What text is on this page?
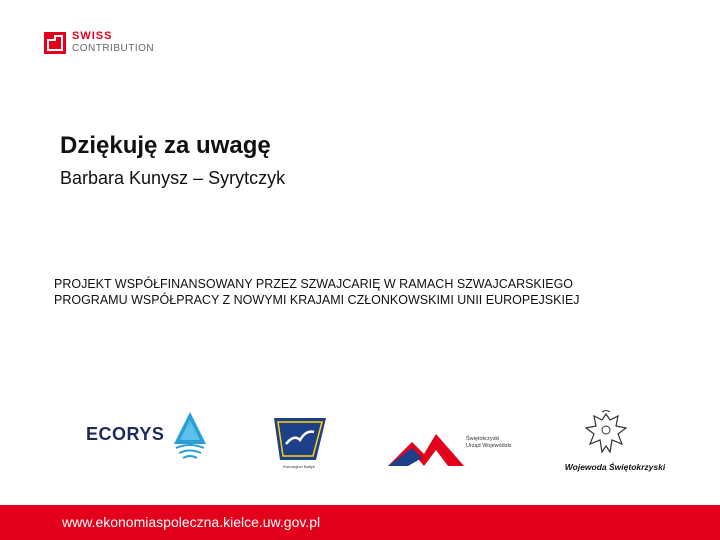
SWISS
CONTRIBUTION
Dziękuję za uwagę
Barbara Kunysz – Syrytczyk
PROJEKT WSPÓŁFINANSOWANY PRZEZ SZWAJCARIĘ W RAMACH SZWAJCARSKIEGO
PROGRAMU WSPÓŁPRACY Z NOWYMI KRAJAMI CZŁONKOWSKIMI UNII EUROPEJSKIEJ
ECORYS
Euroregion Bałtyk
Świętokrzyski
Urząd Wojewódzki
Wojewoda Świętokrzyski
www.ekonomiaspoleczna.kielce.uw.gov.pl
